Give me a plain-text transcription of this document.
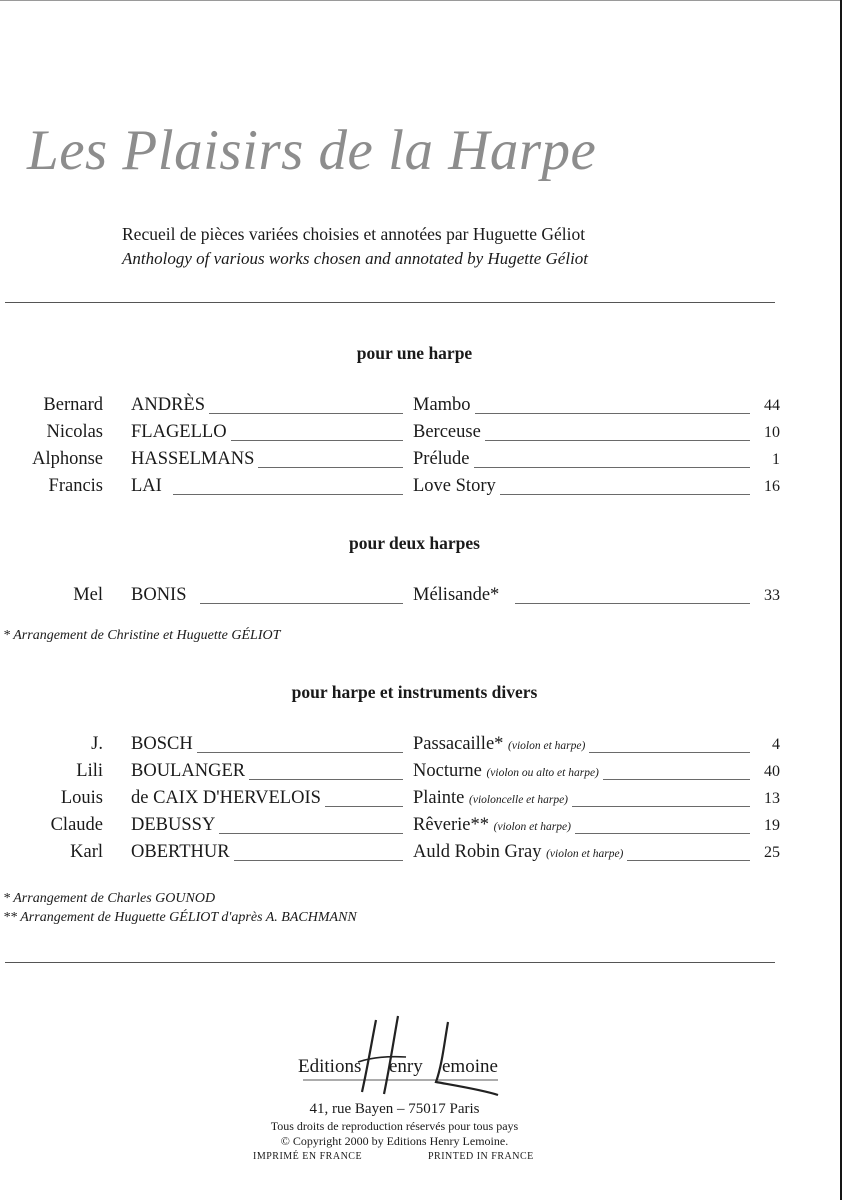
Les Plaisirs de la Harpe
Recueil de pièces variées choisies et annotées par Huguette Géliot
Anthology of various works chosen and annotated by Hugette Géliot
pour une harpe
Bernard ANDRÈS	Mambo	44
Nicolas FLAGELLO	Berceuse	10
Alphonse HASSELMANS	Prélude	1
Francis LAI	Love Story	16
pour deux harpes
Mel BONIS	Mélisande*	33
* Arrangement de Christine et Huguette GÉLIOT
pour harpe et instruments divers
J. BOSCH	Passacaille* (violon et harpe)	4
Lili BOULANGER	Nocturne (violon ou alto et harpe)	40
Louis de CAIX D'HERVELOIS	Plainte (violoncelle et harpe)	13
Claude DEBUSSY	Rêverie** (violon et harpe)	19
Karl OBERTHUR	Auld Robin Gray (violon et harpe)	25
* Arrangement de Charles GOUNOD
** Arrangement de Huguette GÉLIOT d'après A. BACHMANN
Editions enry emoine
41, rue Bayen – 75017 Paris
Tous droits de reproduction réservés pour tous pays
© Copyright 2000 by Editions Henry Lemoine.
IMPRIMÉ EN FRANCE	PRINTED IN FRANCE
